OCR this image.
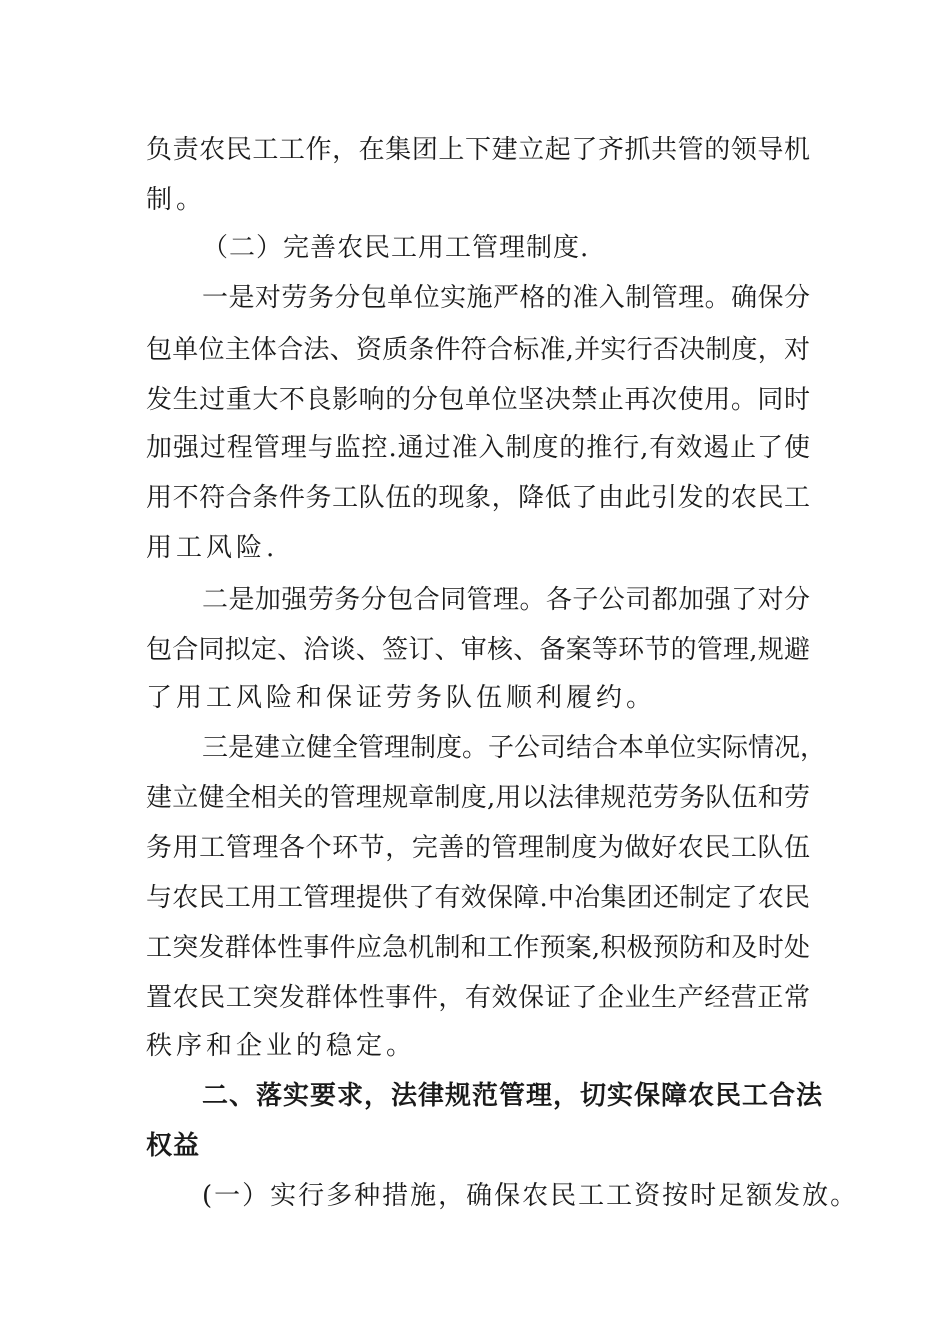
负责农民工工作，在集团上下建立起了齐抓共管的领导机
制。
（二）完善农民工用工管理制度.
一是对劳务分包单位实施严格的准入制管理。确保分
包单位主体合法、资质条件符合标准,并实行否决制度，对
发生过重大不良影响的分包单位坚决禁止再次使用。同时
加强过程管理与监控.通过准入制度的推行,有效遏止了使
用不符合条件务工队伍的现象，降低了由此引发的农民工
用工风险.
二是加强劳务分包合同管理。各子公司都加强了对分
包合同拟定、洽谈、签订、审核、备案等环节的管理,规避
了用工风险和保证劳务队伍顺利履约。
三是建立健全管理制度。子公司结合本单位实际情况，
建立健全相关的管理规章制度,用以法律规范劳务队伍和劳
务用工管理各个环节，完善的管理制度为做好农民工队伍
与农民工用工管理提供了有效保障.中冶集团还制定了农民
工突发群体性事件应急机制和工作预案,积极预防和及时处
置农民工突发群体性事件，有效保证了企业生产经营正常
秩序和企业的稳定。
二、落实要求，法律规范管理，切实保障农民工合法
权益
(一）实行多种措施，确保农民工工资按时足额发放。
